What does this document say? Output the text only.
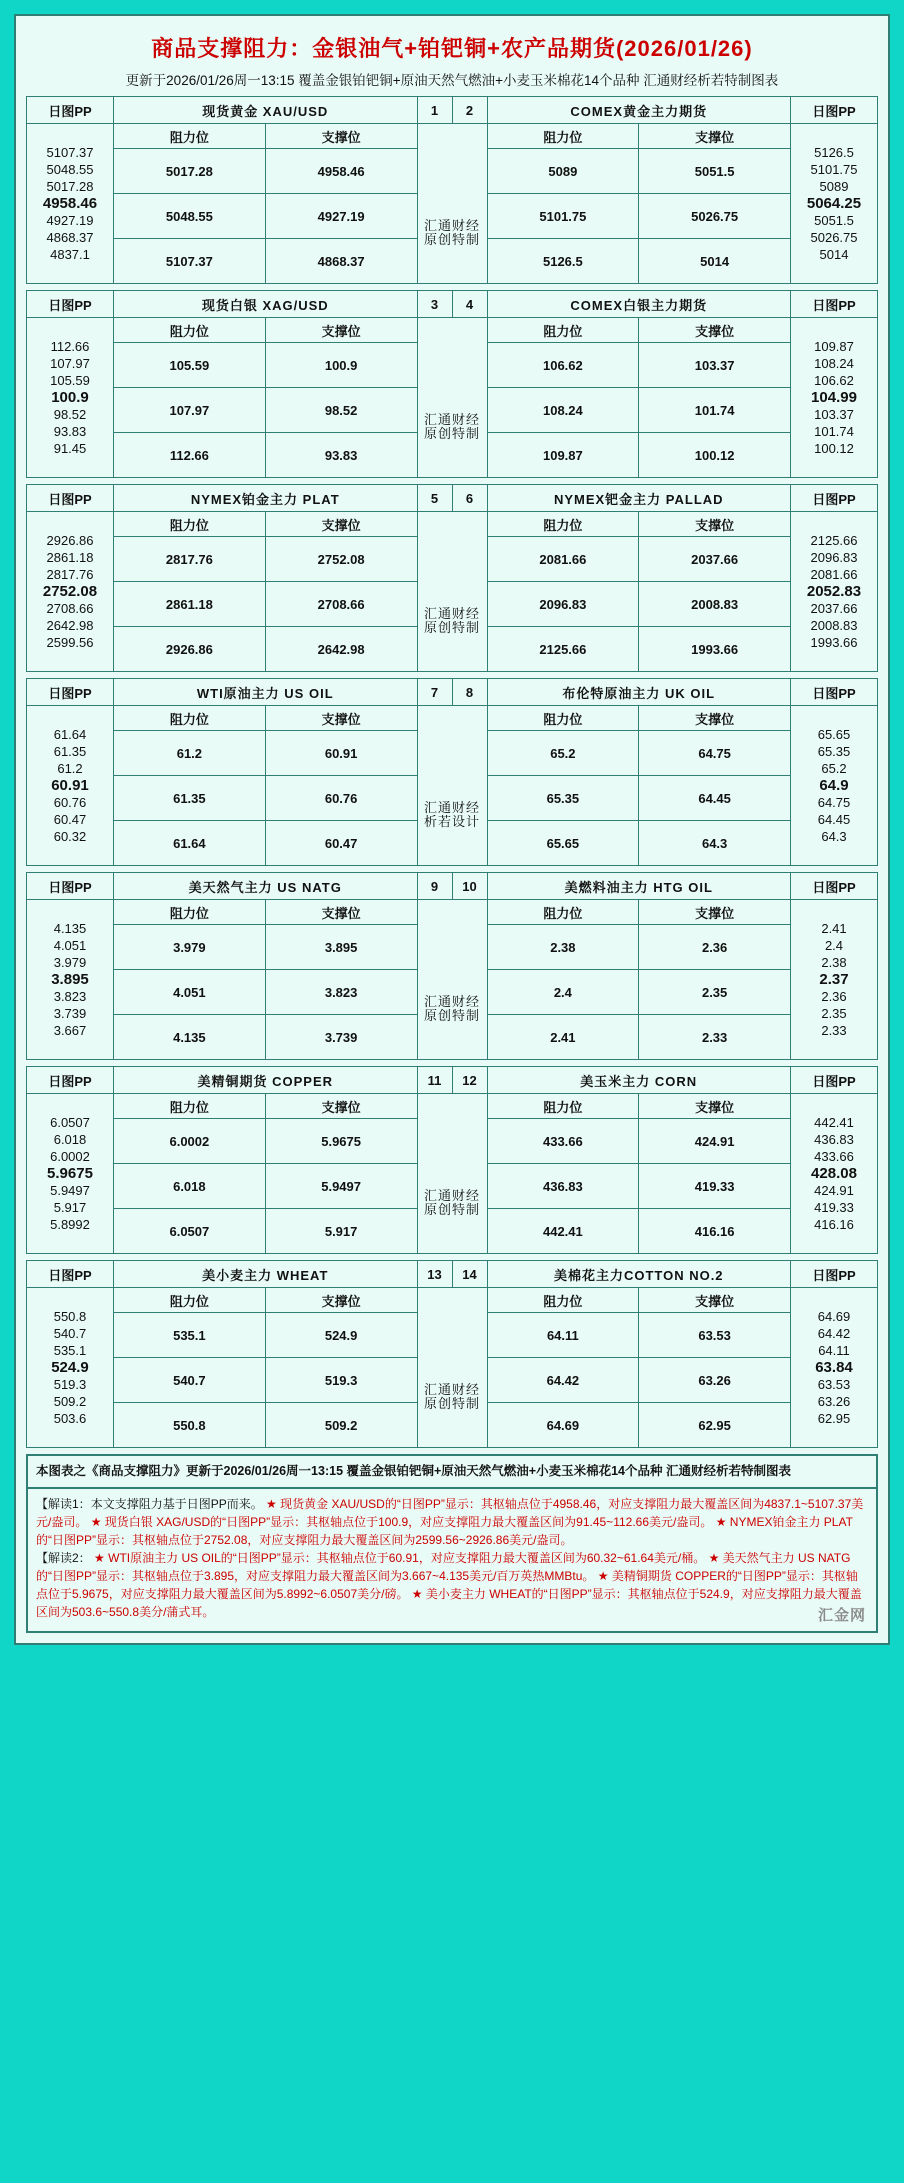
商品支撑阻力：金银油气+铂钯铜+农产品期货(2026/01/26)
更新于2026/01/26周一13:15 覆盖金银铂钯铜+原油天然气燃油+小麦玉米棉花14个品种 汇通财经析若特制图表
日图PP	现货黄金 XAU/USD		1	2	COMEX黄金主力期货		日图PP

5107.37
5048.55
5017.28
4958.46
4927.19
4868.37
4837.1
	阻力位	支撑位	
汇通财经
原创特制
	阻力位	支撑位	
5126.5
5101.75
5089
5064.25
5051.5
5026.75
5014

	5017.28	4958.46			5089	5051.5	
	5048.55	4927.19			5101.75	5026.75	
	5107.37	4868.37			5126.5	5014	
日图PP	现货白银 XAG/USD		3	4	COMEX白银主力期货		日图PP

112.66
107.97
105.59
100.9
98.52
93.83
91.45
	阻力位	支撑位	
汇通财经
原创特制
	阻力位	支撑位	
109.87
108.24
106.62
104.99
103.37
101.74
100.12

	105.59	100.9			106.62	103.37	
	107.97	98.52			108.24	101.74	
	112.66	93.83			109.87	100.12	
日图PP	NYMEX铂金主力 PLAT		5	6	NYMEX钯金主力 PALLAD		日图PP

2926.86
2861.18
2817.76
2752.08
2708.66
2642.98
2599.56
	阻力位	支撑位	
汇通财经
原创特制
	阻力位	支撑位	
2125.66
2096.83
2081.66
2052.83
2037.66
2008.83
1993.66

	2817.76	2752.08			2081.66	2037.66	
	2861.18	2708.66			2096.83	2008.83	
	2926.86	2642.98			2125.66	1993.66	
日图PP	WTI原油主力 US OIL		7	8	布伦特原油主力 UK OIL		日图PP

61.64
61.35
61.2
60.91
60.76
60.47
60.32
	阻力位	支撑位	
汇通财经
析若设计
	阻力位	支撑位	
65.65
65.35
65.2
64.9
64.75
64.45
64.3

	61.2	60.91			65.2	64.75	
	61.35	60.76			65.35	64.45	
	61.64	60.47			65.65	64.3	
日图PP	美天然气主力 US NATG		9	10	美燃料油主力 HTG OIL		日图PP

4.135
4.051
3.979
3.895
3.823
3.739
3.667
	阻力位	支撑位	
汇通财经
原创特制
	阻力位	支撑位	
2.41
2.4
2.38
2.37
2.36
2.35
2.33

	3.979	3.895			2.38	2.36	
	4.051	3.823			2.4	2.35	
	4.135	3.739			2.41	2.33	
日图PP	美精铜期货 COPPER		11	12	美玉米主力 CORN		日图PP

6.0507
6.018
6.0002
5.9675
5.9497
5.917
5.8992
	阻力位	支撑位	
汇通财经
原创特制
	阻力位	支撑位	
442.41
436.83
433.66
428.08
424.91
419.33
416.16

	6.0002	5.9675			433.66	424.91	
	6.018	5.9497			436.83	419.33	
	6.0507	5.917			442.41	416.16	
日图PP	美小麦主力 WHEAT		13	14	美棉花主力COTTON NO.2		日图PP

550.8
540.7
535.1
524.9
519.3
509.2
503.6
	阻力位	支撑位	
汇通财经
原创特制
	阻力位	支撑位	
64.69
64.42
64.11
63.84
63.53
63.26
62.95

	535.1	524.9			64.11	63.53	
	540.7	519.3			64.42	63.26	
	550.8	509.2			64.69	62.95	
本图表之《商品支撑阻力》更新于2026/01/26周一13:15 覆盖金银铂钯铜+原油天然气燃油+小麦玉米棉花14个品种 汇通财经析若特制图表
【解读1：本文支撑阻力基于日图PP而来。 ★ 现货黄金 XAU/USD的“日图PP”显示：其枢轴点位于4958.46，对应支撑阻力最大覆盖区间为4837.1~5107.37美元/盎司。 ★ 现货白银 XAG/USD的“日图PP”显示：其枢轴点位于100.9，对应支撑阻力最大覆盖区间为91.45~112.66美元/盎司。 ★ NYMEX铂金主力 PLAT的“日图PP”显示：其枢轴点位于2752.08，对应支撑阻力最大覆盖区间为2599.56~2926.86美元/盎司。
【解读2： ★ WTI原油主力 US OIL的“日图PP”显示：其枢轴点位于60.91，对应支撑阻力最大覆盖区间为60.32~61.64美元/桶。 ★ 美天然气主力 US NATG的“日图PP”显示：其枢轴点位于3.895，对应支撑阻力最大覆盖区间为3.667~4.135美元/百万英热MMBtu。 ★ 美精铜期货 COPPER的“日图PP”显示：其枢轴点位于5.9675，对应支撑阻力最大覆盖区间为5.8992~6.0507美分/磅。 ★ 美小麦主力 WHEAT的“日图PP”显示：其枢轴点位于524.9，对应支撑阻力最大覆盖区间为503.6~550.8美分/蒲式耳。	汇金网
